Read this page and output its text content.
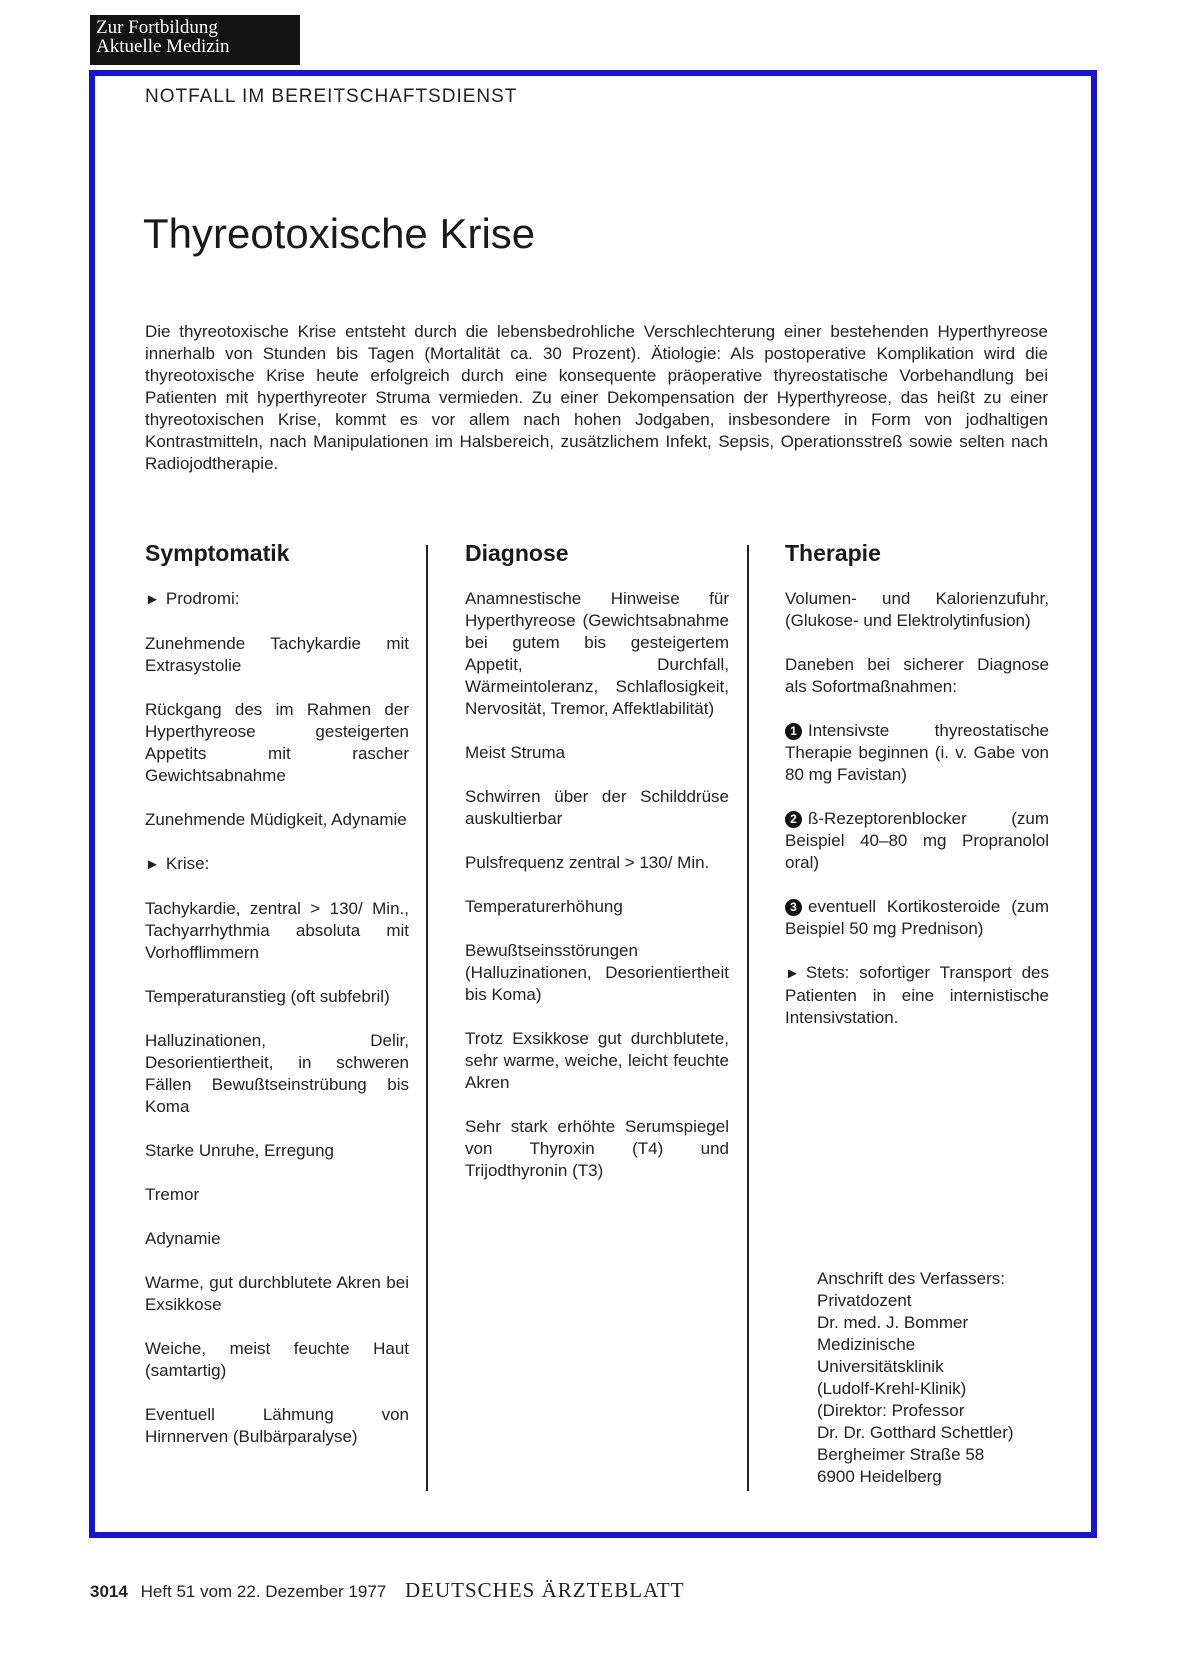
Zur Fortbildung
Aktuelle Medizin
NOTFALL IM BEREITSCHAFTSDIENST
Thyreotoxische Krise
Die thyreotoxische Krise entsteht durch die lebensbedrohliche Verschlechterung einer bestehenden Hyperthyreose innerhalb von Stunden bis Tagen (Mortalität ca. 30 Prozent). Ätiologie: Als postoperative Komplikation wird die thyreotoxische Krise heute erfolgreich durch eine konsequente präoperative thyreostatische Vorbehandlung bei Patienten mit hyperthyreoter Struma vermieden. Zu einer Dekompensation der Hyperthyreose, das heißt zu einer thyreotoxischen Krise, kommt es vor allem nach hohen Jodgaben, insbesondere in Form von jodhaltigen Kontrastmitteln, nach Manipulationen im Halsbereich, zusätzlichem Infekt, Sepsis, Operationsstreß sowie selten nach Radiojodtherapie.
Symptomatik

► Prodromi:

Zunehmende Tachykardie mit Extrasystolie

Rückgang des im Rahmen der Hyperthyreose gesteigerten Appetits mit rascher Gewichtsabnahme

Zunehmende Müdigkeit, Adynamie

► Krise:

Tachykardie, zentral > 130/ Min., Tachyarrhythmia absoluta mit Vorhofflimmern

Temperaturanstieg (oft subfebril)

Halluzinationen, Delir, Desorientiertheit, in schweren Fällen Bewußtseinstrübung bis Koma

Starke Unruhe, Erregung

Tremor

Adynamie

Warme, gut durchblutete Akren bei Exsikkose

Weiche, meist feuchte Haut (samtartig)

Eventuell Lähmung von Hirnnerven (Bulbärparalyse)

Diagnose

Anamnestische Hinweise für Hyperthyreose (Gewichtsabnahme bei gutem bis gesteigertem Appetit, Durchfall, Wärmeintoleranz, Schlaflosigkeit, Nervosität, Tremor, Affektlabilität)

Meist Struma

Schwirren über der Schilddrüse auskultierbar

Pulsfrequenz zentral > 130/ Min.

Temperaturerhöhung

Bewußtseinsstörungen (Halluzinationen, Desorientiertheit bis Koma)

Trotz Exsikkose gut durchblutete, sehr warme, weiche, leicht feuchte Akren

Sehr stark erhöhte Serumspiegel von Thyroxin (T4) und Trijodthyronin (T3)

Therapie

Volumen- und Kalorienzufuhr, (Glukose- und Elektrolytinfusion)

Daneben bei sicherer Diagnose als Sofortmaßnahmen:

1 Intensivste thyreostatische Therapie beginnen (i. v. Gabe von 80 mg Favistan)

2 ß-Rezeptorenblocker (zum Beispiel 40–80 mg Propranolol oral)

3 eventuell Kortikosteroide (zum Beispiel 50 mg Prednison)

► Stets: sofortiger Transport des Patienten in eine internistische Intensivstation.

Anschrift des Verfassers:
Privatdozent
Dr. med. J. Bommer
Medizinische
Universitätsklinik
(Ludolf-Krehl-Klinik)
(Direktor: Professor
Dr. Dr. Gotthard Schettler)
Bergheimer Straße 58
6900 Heidelberg
3014 Heft 51 vom 22. Dezember 1977 DEUTSCHES ÄRZTEBLATT
